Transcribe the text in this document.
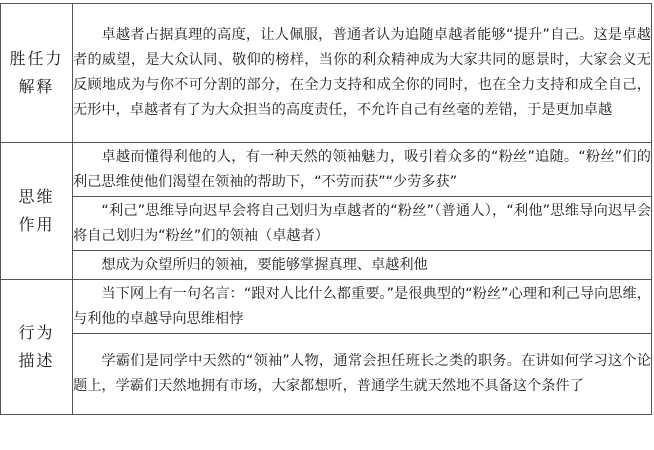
胜任力
解释	卓越者占据真理的高度，让人佩服，普通者认为追随卓越者能够“提升”自己。这是卓越者的威望，是大众认同、敬仰的榜样，当你的利众精神成为大家共同的愿景时，大家会义无反顾地成为与你不可分割的部分，在全力支持和成全你的同时，也在全力支持和成全自己，无形中，卓越者有了为大众担当的高度责任，不允许自己有丝毫的差错，于是更加卓越

思维
作用	卓越而懂得利他的人，有一种天然的领袖魅力，吸引着众多的“粉丝”追随。“粉丝”们的利己思维使他们渴望在领袖的帮助下，“不劳而获”“少劳多获”
	“利己”思维导向迟早会将自己划归为卓越者的“粉丝”（普通人），“利他”思维导向迟早会将自己划归为“粉丝”们的领袖（卓越者）
	想成为众望所归的领袖，要能够掌握真理、卓越利他

行为
描述	当下网上有一句名言：“跟对人比什么都重要。”是很典型的“粉丝”心理和利己导向思维，与利他的卓越导向思维相悖
	学霸们是同学中天然的“领袖”人物，通常会担任班长之类的职务。在讲如何学习这个论题上，学霸们天然地拥有市场，大家都想听，普通学生就天然地不具备这个条件了
